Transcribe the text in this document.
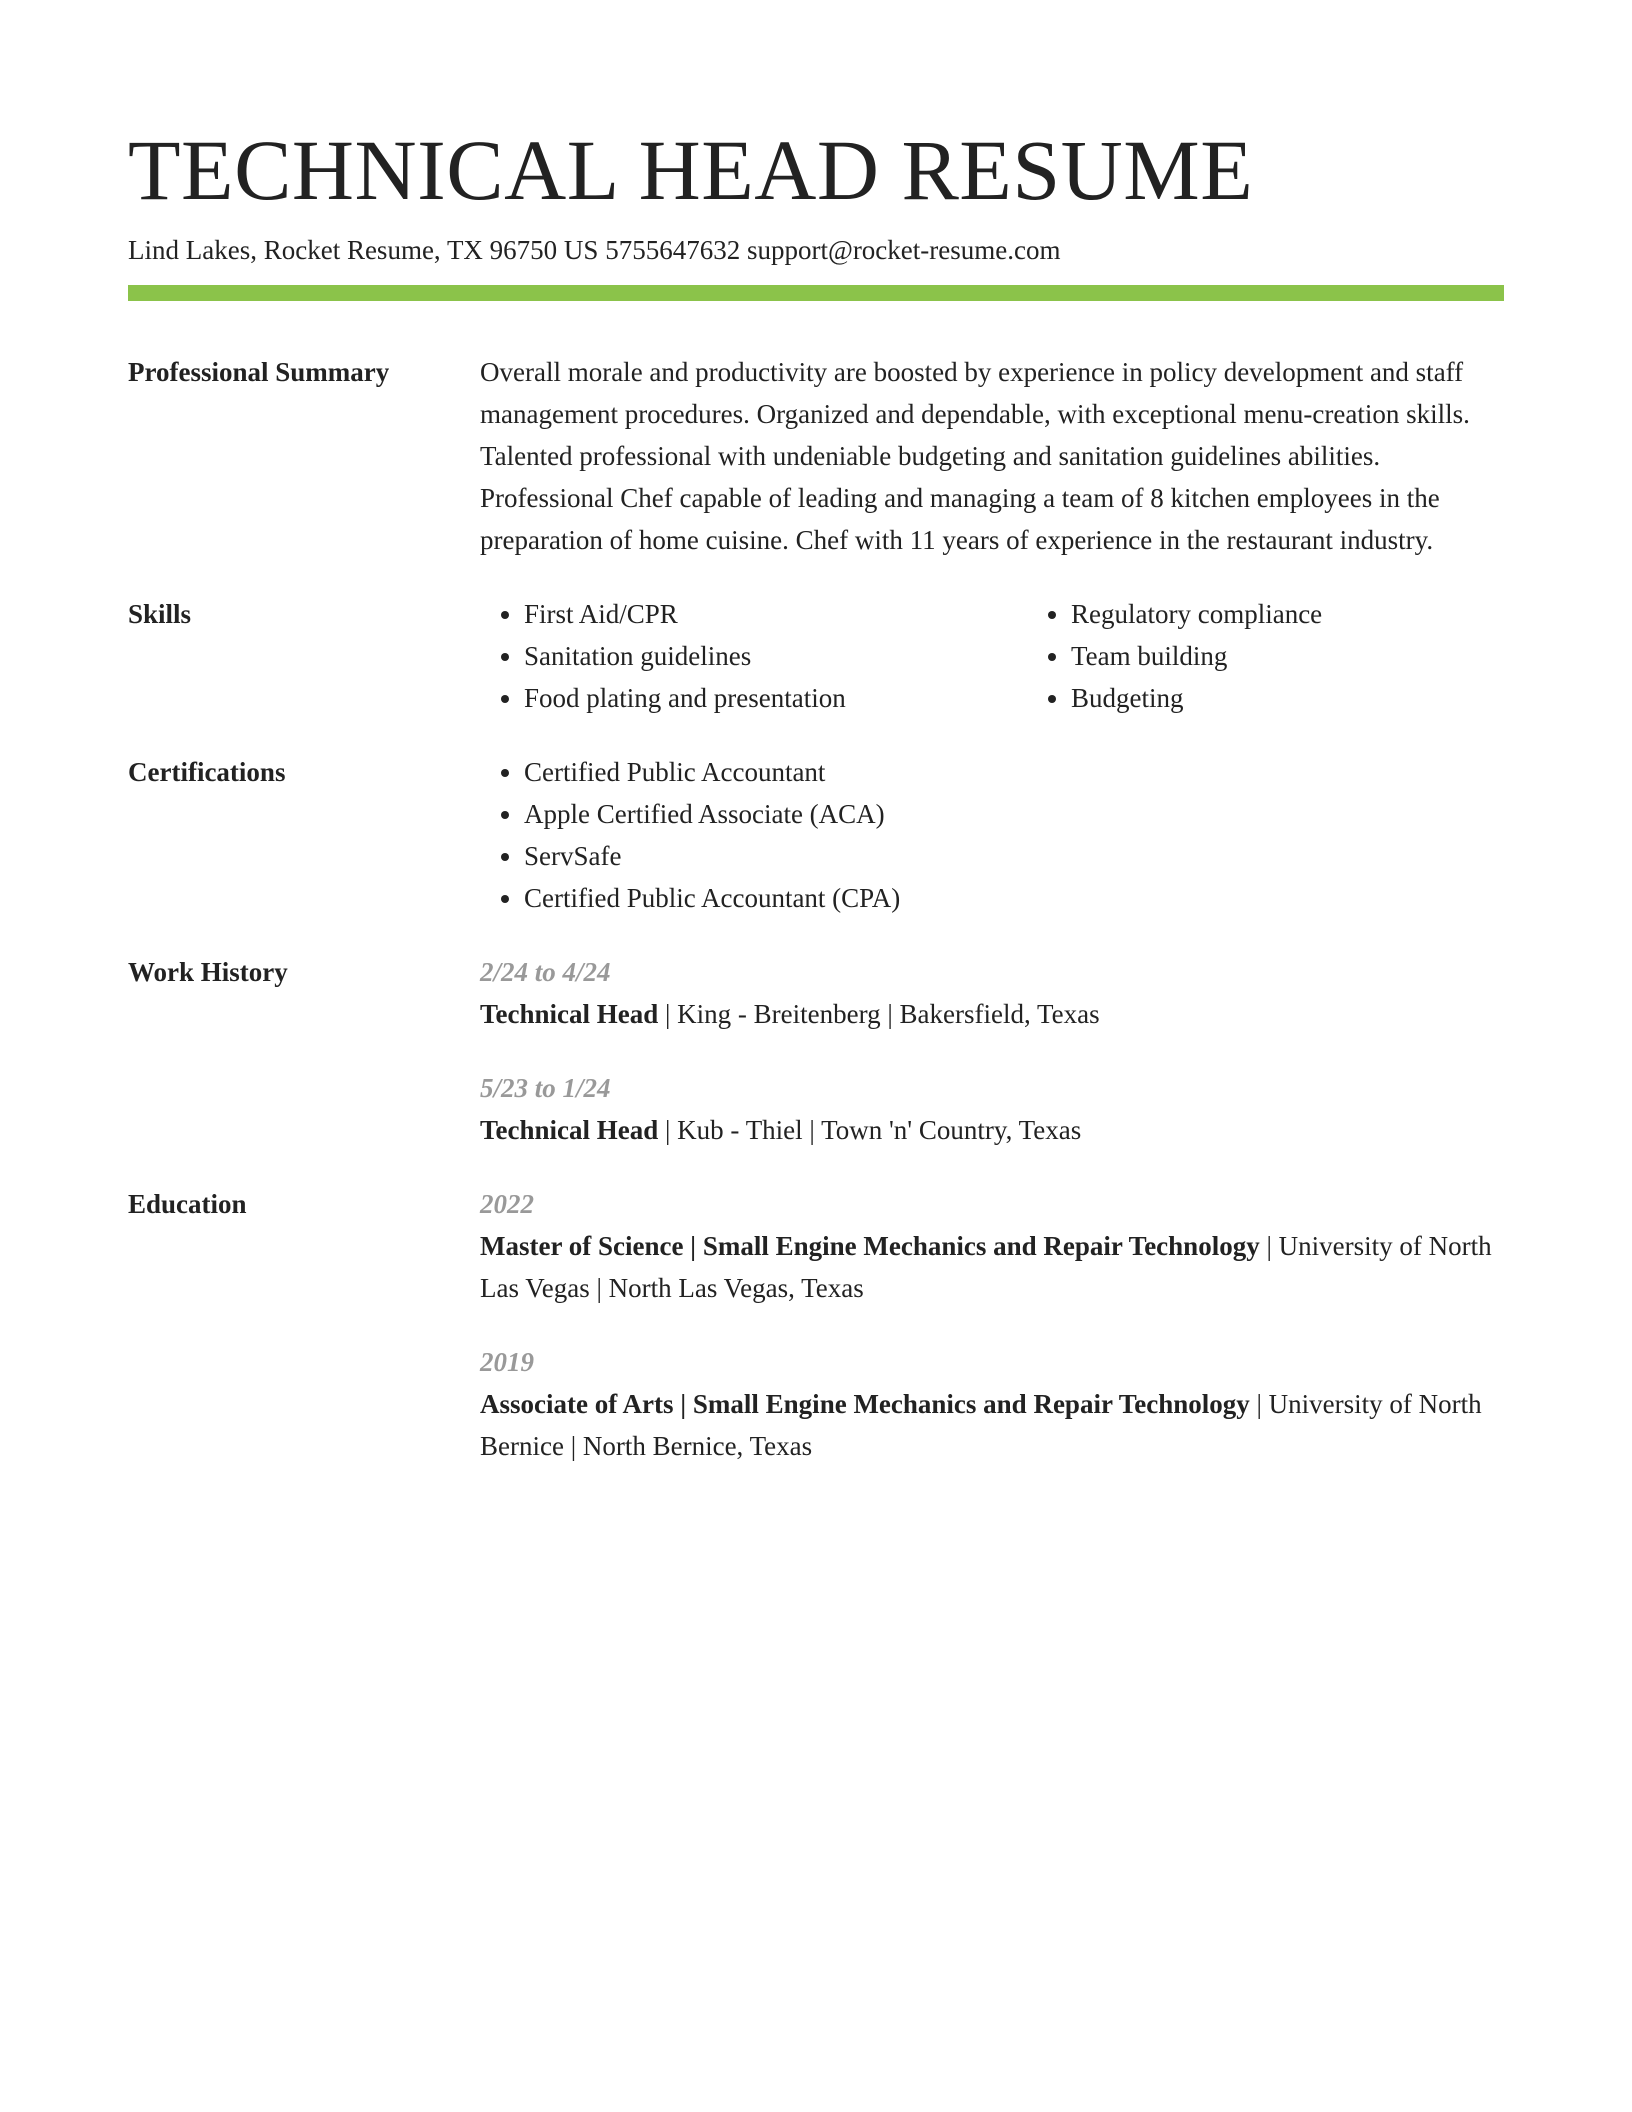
TECHNICAL HEAD RESUME
Lind Lakes, Rocket Resume, TX 96750 US 5755647632 support@rocket-resume.com
Professional Summary	Overall morale and productivity are boosted by experience in policy development and staff management procedures. Organized and dependable, with exceptional menu-creation skills. Talented professional with undeniable budgeting and sanitation guidelines abilities. Professional Chef capable of leading and managing a team of 8 kitchen employees in the preparation of home cuisine. Chef with 11 years of experience in the restaurant industry.

Skills	• First Aid/CPR
• Sanitation guidelines
• Food plating and presentation
• Regulatory compliance
• Team building
• Budgeting
Certifications	• Certified Public Accountant
• Apple Certified Associate (ACA)
• ServSafe
• Certified Public Accountant (CPA)
Work History	2/24 to 4/24
Technical Head | King - Breitenberg | Bakersfield, Texas
5/23 to 1/24
Technical Head | Kub - Thiel | Town 'n' Country, Texas
Education	2022
Master of Science | Small Engine Mechanics and Repair Technology | University of North Las Vegas | North Las Vegas, Texas
2019
Associate of Arts | Small Engine Mechanics and Repair Technology | University of North Bernice | North Bernice, Texas
